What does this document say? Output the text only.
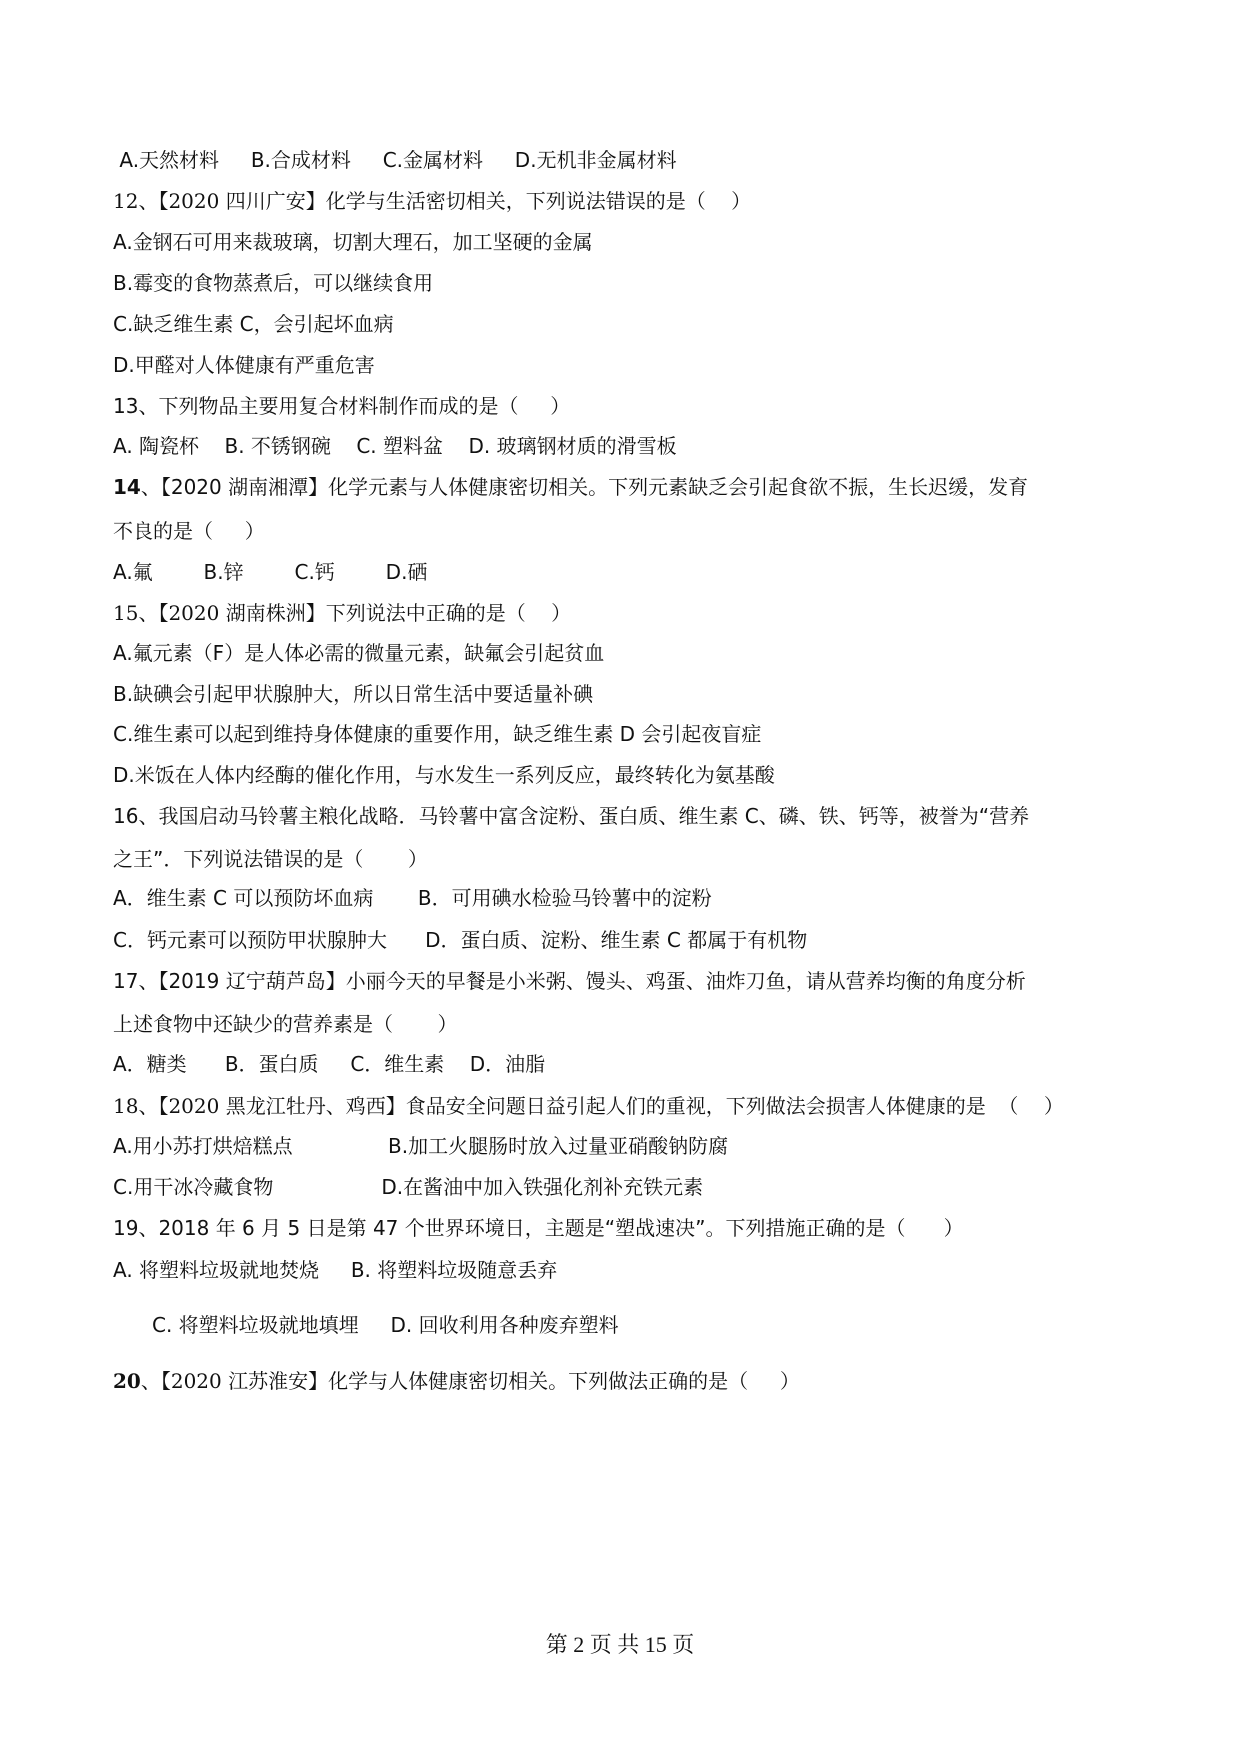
A.天然材料     B.合成材料     C.金属材料     D.无机非金属材料
12、【2020 四川广安】化学与生活密切相关，下列说法错误的是（    ）
A.金钢石可用来裁玻璃，切割大理石，加工坚硬的金属
B.霉变的食物蒸煮后，可以继续食用
C.缺乏维生素 C，会引起坏血病
D.甲醛对人体健康有严重危害
13、下列物品主要用复合材料制作而成的是（     ）
A. 陶瓷杯    B. 不锈钢碗    C. 塑料盆    D. 玻璃钢材质的滑雪板
14、【2020 湖南湘潭】化学元素与人体健康密切相关。下列元素缺乏会引起食欲不振，生长迟缓，发育
不良的是（     ）
A.氟        B.锌        C.钙        D.硒
15、【2020 湖南株洲】下列说法中正确的是（    ）
A.氟元素（F）是人体必需的微量元素，缺氟会引起贫血
B.缺碘会引起甲状腺肿大，所以日常生活中要适量补碘
C.维生素可以起到维持身体健康的重要作用，缺乏维生素 D 会引起夜盲症
D.米饭在人体内经酶的催化作用，与水发生一系列反应，最终转化为氨基酸
16、我国启动马铃薯主粮化战略．马铃薯中富含淀粉、蛋白质、维生素 C、磷、铁、钙等，被誉为“营养
之王”．下列说法错误的是（       ）
A．维生素 C 可以预防坏血病       B．可用碘水检验马铃薯中的淀粉
C．钙元素可以预防甲状腺肿大      D．蛋白质、淀粉、维生素 C 都属于有机物
17、【2019 辽宁葫芦岛】小丽今天的早餐是小米粥、馒头、鸡蛋、油炸刀鱼，请从营养均衡的角度分析
上述食物中还缺少的营养素是（       ）
A．糖类      B．蛋白质     C．维生素    D．油脂
18、【2020 黑龙江牡丹、鸡西】食品安全问题日益引起人们的重视，下列做法会损害人体健康的是  （    ）
A.用小苏打烘焙糕点               B.加工火腿肠时放入过量亚硝酸钠防腐
C.用干冰冷藏食物                 D.在酱油中加入铁强化剂补充铁元素
19、2018 年 6 月 5 日是第 47 个世界环境日，主题是“塑战速决”。下列措施正确的是（      ）
A. 将塑料垃圾就地焚烧     B. 将塑料垃圾随意丢弃
C. 将塑料垃圾就地填埋     D. 回收利用各种废弃塑料
20、【2020 江苏淮安】化学与人体健康密切相关。下列做法正确的是（     ）
第 2 页 共 15 页
